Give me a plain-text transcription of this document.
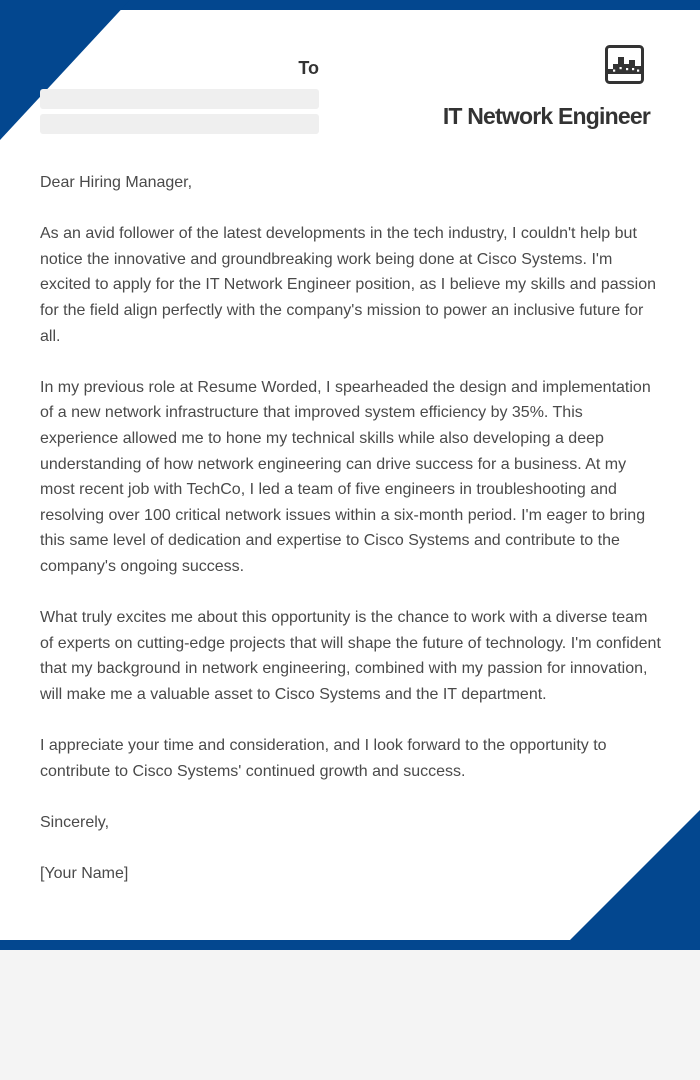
To
IT Network Engineer

Dear Hiring Manager,

As an avid follower of the latest developments in the tech industry, I couldn't help but notice the innovative and groundbreaking work being done at Cisco Systems. I'm excited to apply for the IT Network Engineer position, as I believe my skills and passion for the field align perfectly with the company's mission to power an inclusive future for all.

In my previous role at Resume Worded, I spearheaded the design and implementation of a new network infrastructure that improved system efficiency by 35%. This experience allowed me to hone my technical skills while also developing a deep understanding of how network engineering can drive success for a business. At my most recent job with TechCo, I led a team of five engineers in troubleshooting and resolving over 100 critical network issues within a six-month period. I'm eager to bring this same level of dedication and expertise to Cisco Systems and contribute to the company's ongoing success.

What truly excites me about this opportunity is the chance to work with a diverse team of experts on cutting-edge projects that will shape the future of technology. I'm confident that my background in network engineering, combined with my passion for innovation, will make me a valuable asset to Cisco Systems and the IT department.

I appreciate your time and consideration, and I look forward to the opportunity to contribute to Cisco Systems' continued growth and success.

Sincerely,

[Your Name]
